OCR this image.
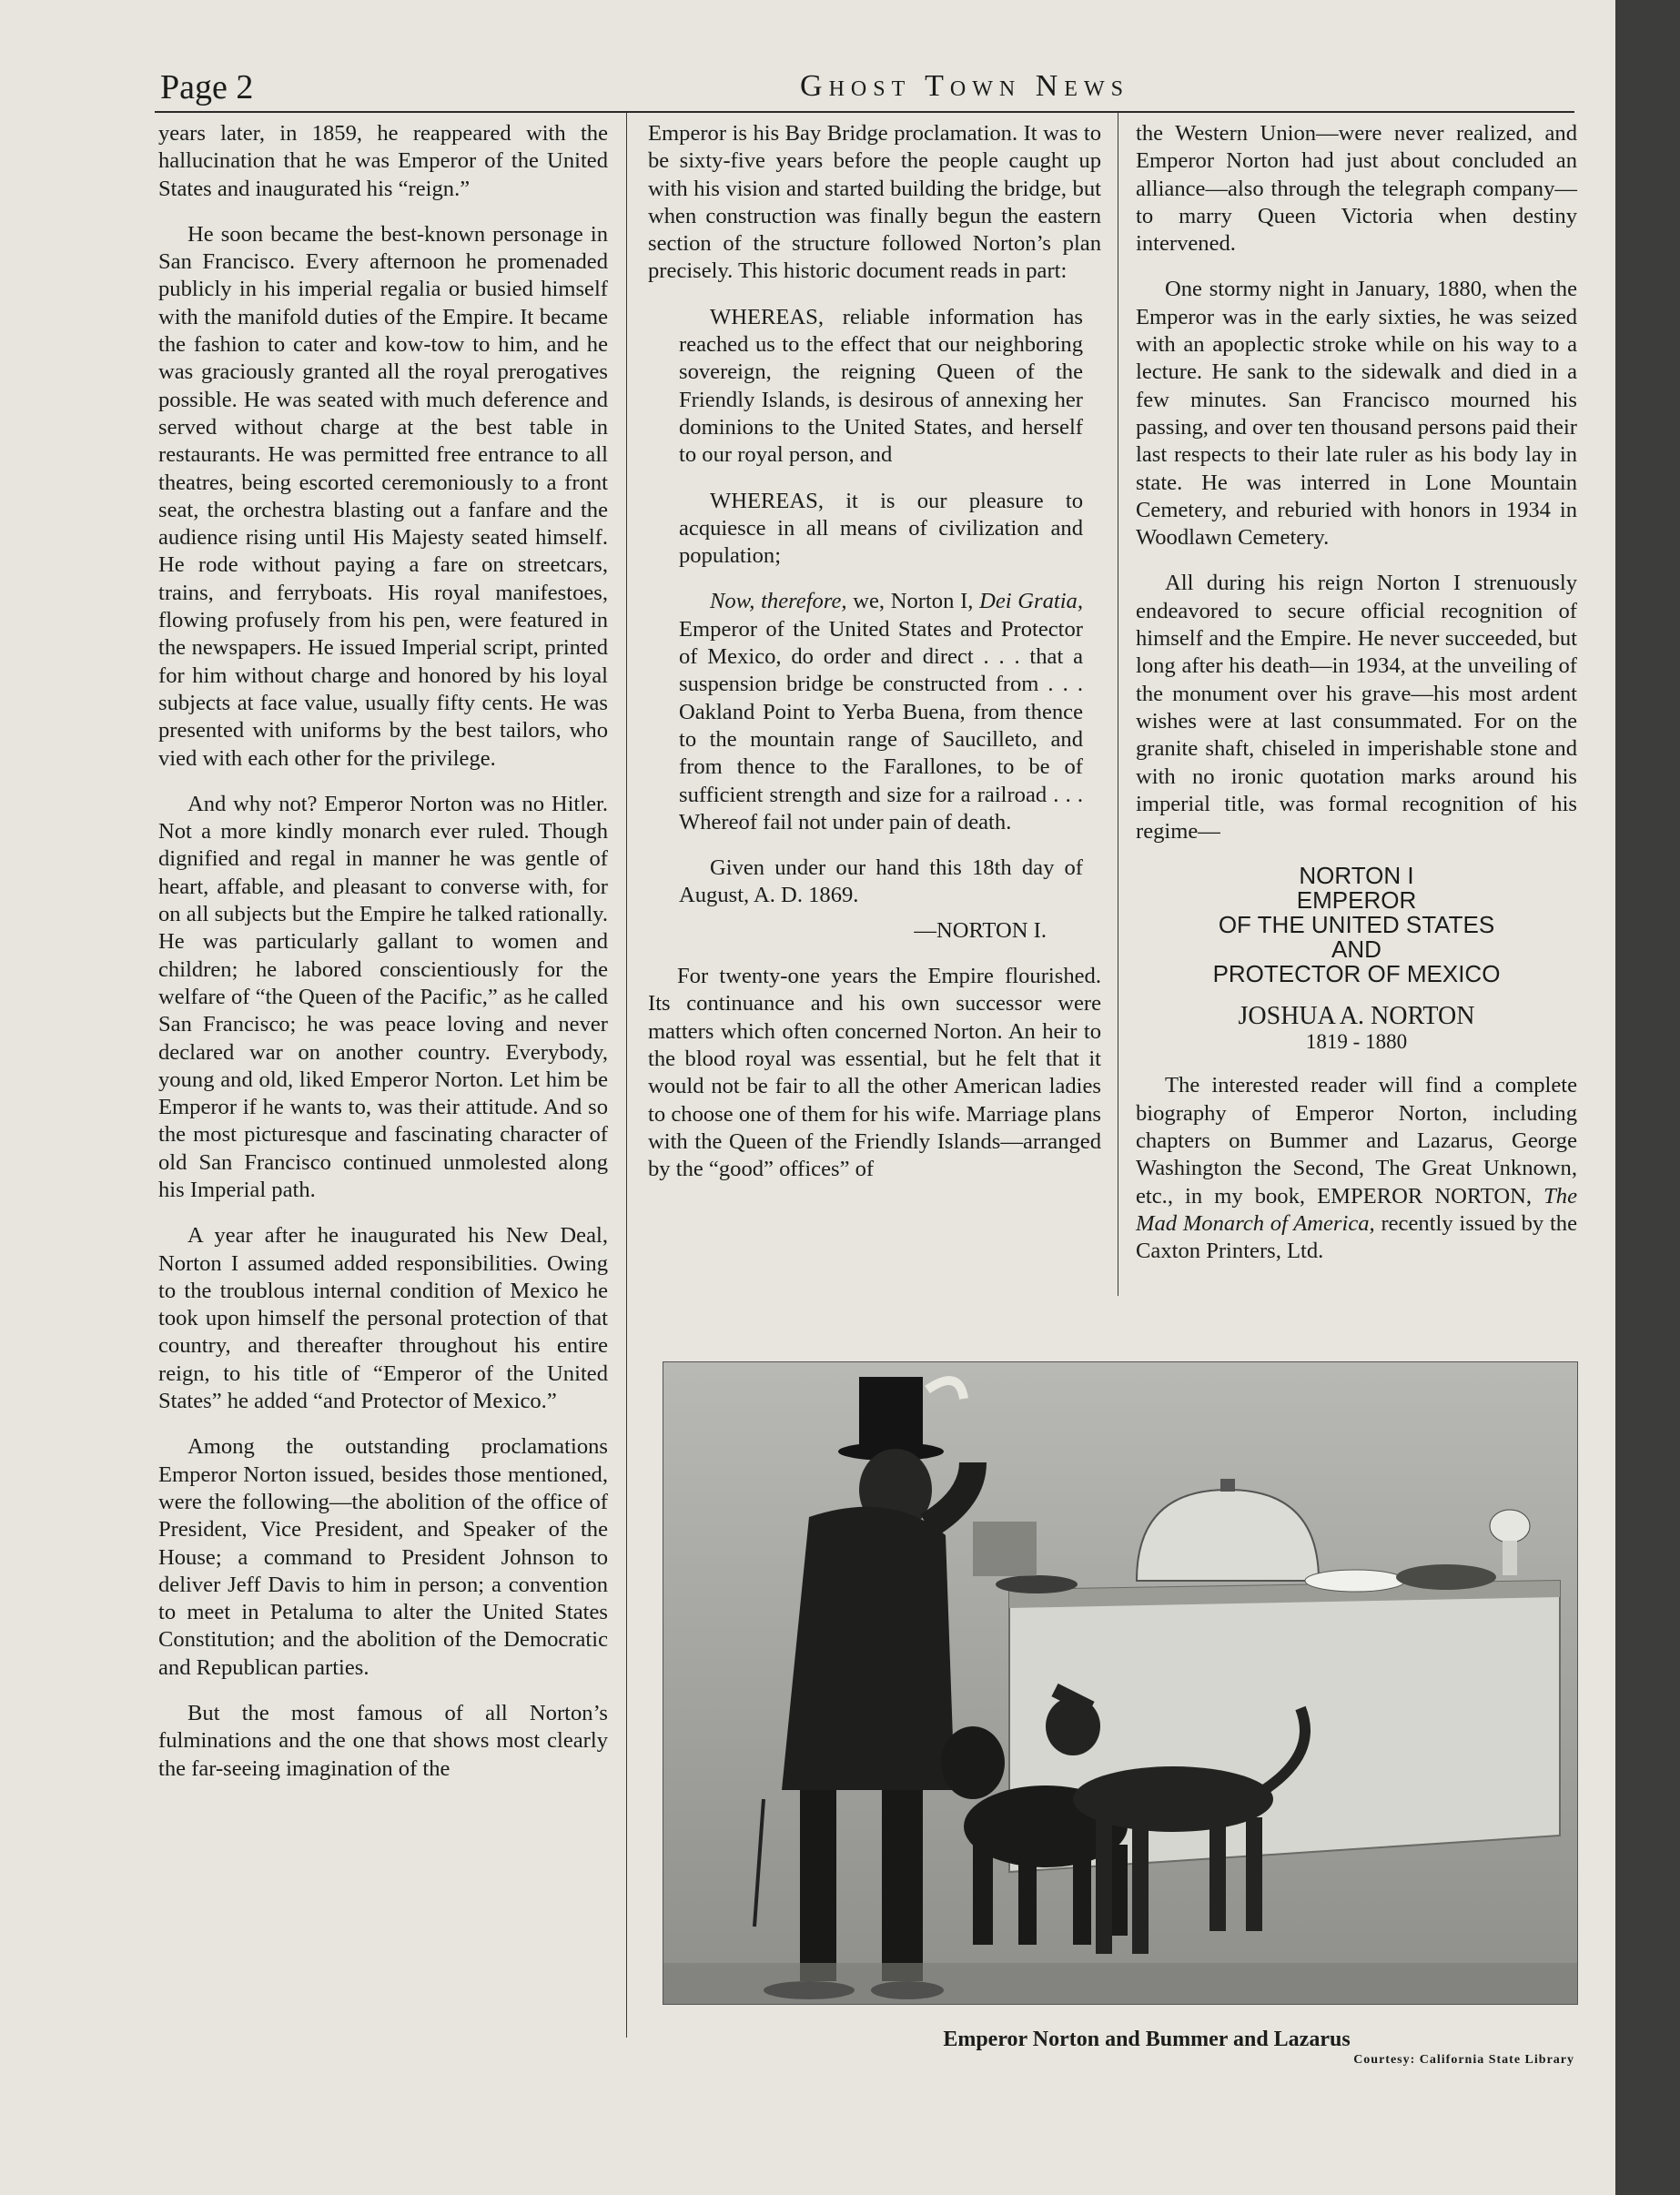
Page 2	Ghost Town News

years later, in 1859, he reappeared with the hallucination that he was Emperor of the United States and inaugurated his “reign.”

He soon became the best-known personage in San Francisco. Every afternoon he promenaded publicly in his imperial regalia or busied himself with the manifold duties of the Empire. It became the fashion to cater and kow-tow to him, and he was graciously granted all the royal prerogatives possible. He was seated with much deference and served without charge at the best table in restaurants. He was permitted free entrance to all theatres, being escorted ceremoniously to a front seat, the orchestra blasting out a fanfare and the audience rising until His Majesty seated himself. He rode without paying a fare on streetcars, trains, and ferryboats. His royal manifestoes, flowing profusely from his pen, were featured in the newspapers. He issued Imperial script, printed for him without charge and honored by his loyal subjects at face value, usually fifty cents. He was presented with uniforms by the best tailors, who vied with each other for the privilege.

And why not? Emperor Norton was no Hitler. Not a more kindly monarch ever ruled. Though dignified and regal in manner he was gentle of heart, affable, and pleasant to converse with, for on all subjects but the Empire he talked rationally. He was particularly gallant to women and children; he labored conscientiously for the welfare of “the Queen of the Pacific,” as he called San Francisco; he was peace loving and never declared war on another country. Everybody, young and old, liked Emperor Norton. Let him be Emperor if he wants to, was their attitude. And so the most picturesque and fascinating character of old San Francisco continued unmolested along his Imperial path.

A year after he inaugurated his New Deal, Norton I assumed added responsibilities. Owing to the troublous internal condition of Mexico he took upon himself the personal protection of that country, and thereafter throughout his entire reign, to his title of “Emperor of the United States” he added “and Protector of Mexico.”

Among the outstanding proclamations Emperor Norton issued, besides those mentioned, were the following—the abolition of the office of President, Vice President, and Speaker of the House; a command to President Johnson to deliver Jeff Davis to him in person; a convention to meet in Petaluma to alter the United States Constitution; and the abolition of the Democratic and Republican parties.

But the most famous of all Norton’s fulminations and the one that shows most clearly the far-seeing imagination of the

Emperor is his Bay Bridge proclamation. It was to be sixty-five years before the people caught up with his vision and started building the bridge, but when construction was finally begun the eastern section of the structure followed Norton’s plan precisely. This historic document reads in part:

WHEREAS, reliable information has reached us to the effect that our neighboring sovereign, the reigning Queen of the Friendly Islands, is desirous of annexing her dominions to the United States, and herself to our royal person, and

WHEREAS, it is our pleasure to acquiesce in all means of civilization and population;

Now, therefore, we, Norton I, Dei Gratia, Emperor of the United States and Protector of Mexico, do order and direct . . . that a suspension bridge be constructed from . . . Oakland Point to Yerba Buena, from thence to the mountain range of Saucilleto, and from thence to the Farallones, to be of sufficient strength and size for a railroad . . . Whereof fail not under pain of death.

Given under our hand this 18th day of August, A. D. 1869.

—NORTON I.

For twenty-one years the Empire flourished. Its continuance and his own successor were matters which often concerned Norton. An heir to the blood royal was essential, but he felt that it would not be fair to all the other American ladies to choose one of them for his wife. Marriage plans with the Queen of the Friendly Islands—arranged by the “good” offices” of

the Western Union—were never realized, and Emperor Norton had just about concluded an alliance—also through the telegraph company—to marry Queen Victoria when destiny intervened.

One stormy night in January, 1880, when the Emperor was in the early sixties, he was seized with an apoplectic stroke while on his way to a lecture. He sank to the sidewalk and died in a few minutes. San Francisco mourned his passing, and over ten thousand persons paid their last respects to their late ruler as his body lay in state. He was interred in Lone Mountain Cemetery, and reburied with honors in 1934 in Woodlawn Cemetery.

All during his reign Norton I strenuously endeavored to secure official recognition of himself and the Empire. He never succeeded, but long after his death—in 1934, at the unveiling of the monument over his grave—his most ardent wishes were at last consummated. For on the granite shaft, chiseled in imperishable stone and with no ironic quotation marks around his imperial title, was formal recognition of his regime—

NORTON I
EMPEROR
OF THE UNITED STATES
AND
PROTECTOR OF MEXICO
JOSHUA A. NORTON
1819 - 1880

The interested reader will find a complete biography of Emperor Norton, including chapters on Bummer and Lazarus, George Washington the Second, The Great Unknown, etc., in my book, EMPEROR NORTON, The Mad Monarch of America, recently issued by the Caxton Printers, Ltd.

Emperor Norton and Bummer and Lazarus
Courtesy: California State Library
